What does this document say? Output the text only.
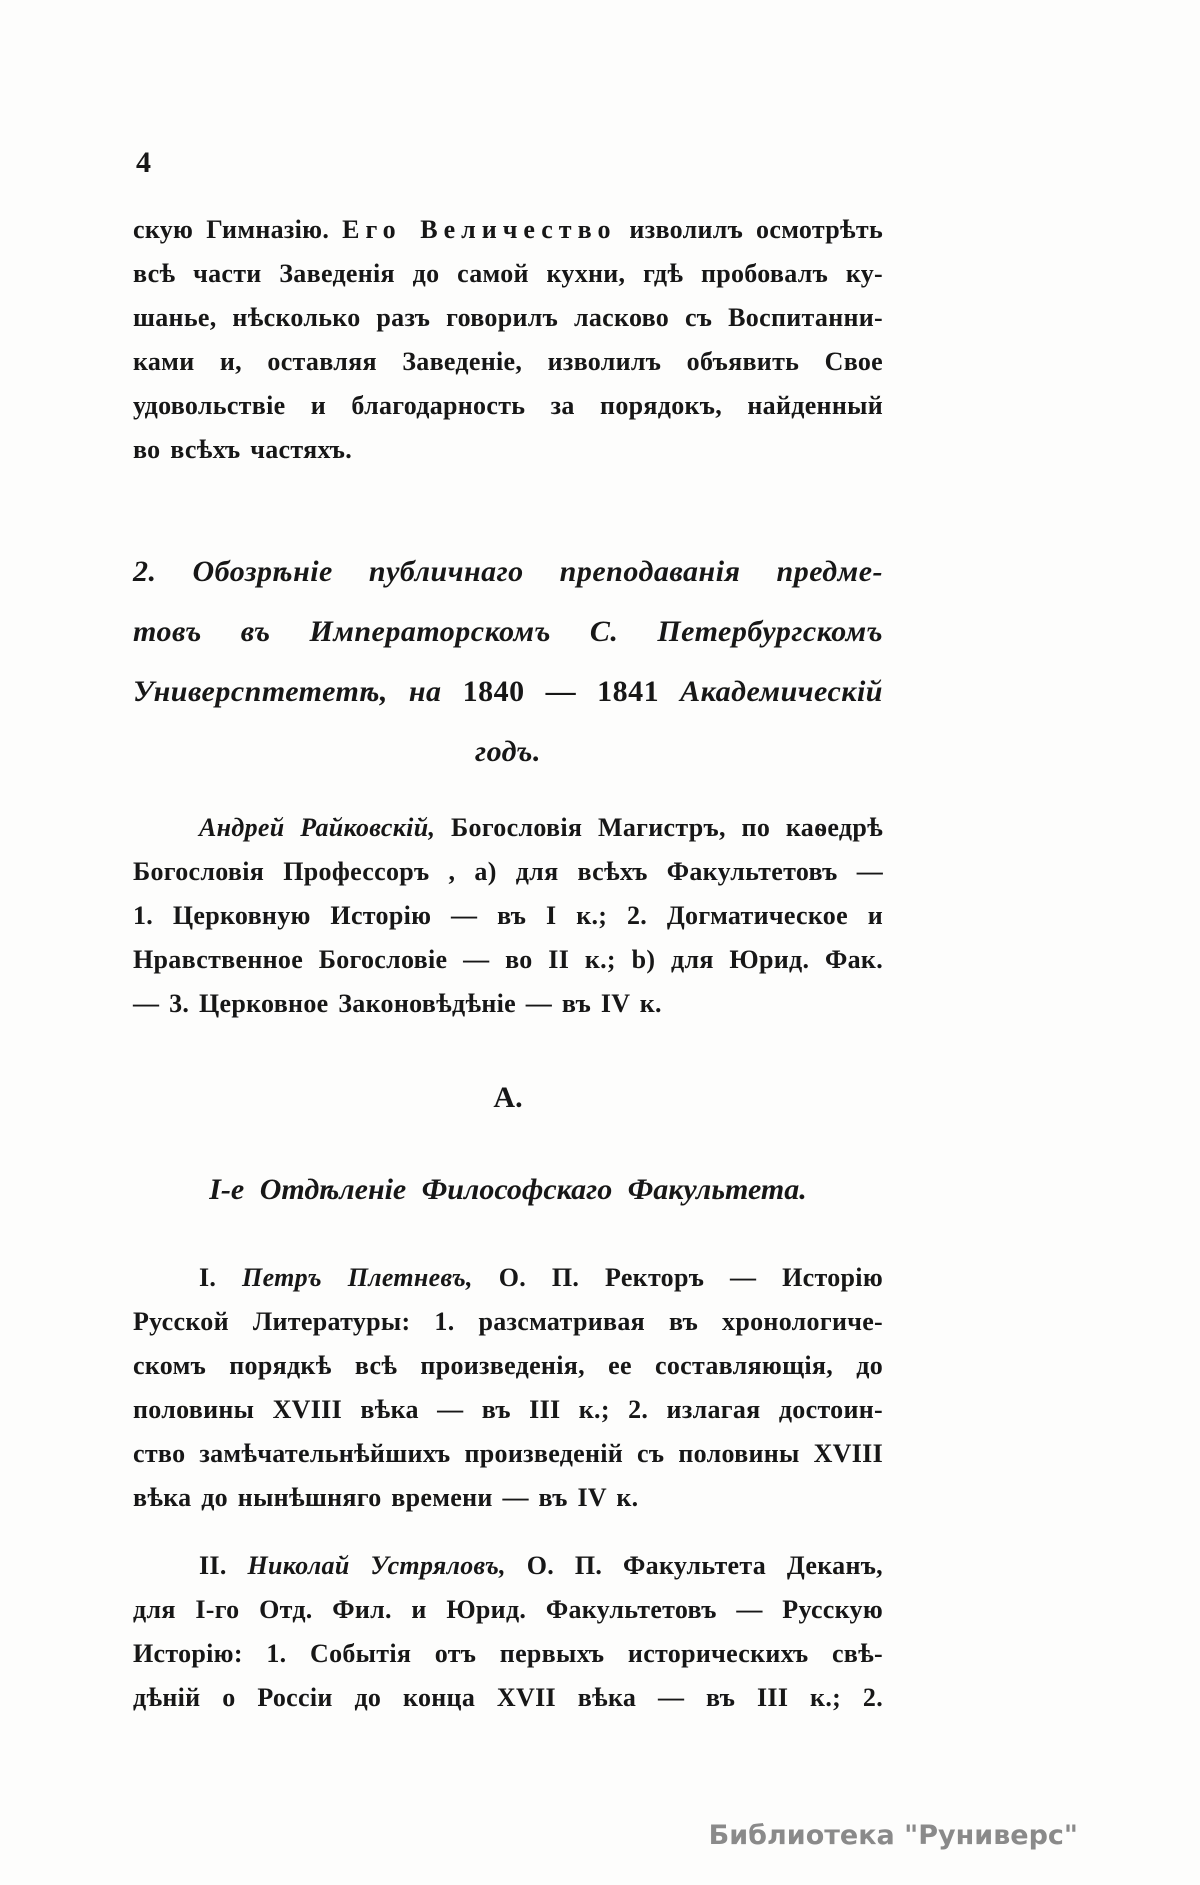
4
скую Гимназію. Его Величество изволилъ осмотрѣть
всѣ части Заведенія до самой кухни, гдѣ пробовалъ ку-
шанье, нѣсколько разъ говорилъ ласково съ Воспитанни-
ками и, оставляя Заведеніе, изволилъ объявить Свое
удовольствіе и благодарность за порядокъ, найденный
во всѣхъ частяхъ.
2. Обозрѣніе публичнаго преподаванія предме-
товъ въ Императорскомъ С. Петербургскомъ
Универсптететѣ, на 1840 — 1841 Академическій
годъ.
Андрей Райковскій, Богословія Магистръ, по каѳедрѣ
Богословія Профессоръ , а) для всѣхъ Факультетовъ —
1. Церковную Исторію — въ I к.; 2. Догматическое и
Нравственное Богословіе — во II к.; b) для Юрид. Фак.
— 3. Церковное Законовѣдѣніе — въ IV к.
А.
І-е Отдѣленіе Философскаго Факультета.
I. Петръ Плетневъ, О. П. Ректоръ — Исторію
Русской Литературы: 1. разсматривая въ хронологиче-
скомъ порядкѣ всѣ произведенія, ее составляющія, до
половины XVIII вѣка — въ III к.; 2. излагая достоин-
ство замѣчательнѣйшихъ произведеній съ половины XVIII
вѣка до нынѣшняго времени — въ IV к.
II. Николай Устряловъ, О. П. Факультета Деканъ,
для I-го Отд. Фил. и Юрид. Факультетовъ — Русскую
Исторію: 1. Событія отъ первыхъ историческихъ свѣ-
дѣній о Россіи до конца XVII вѣка — въ III к.; 2.
Библиотека "Руниверс"
